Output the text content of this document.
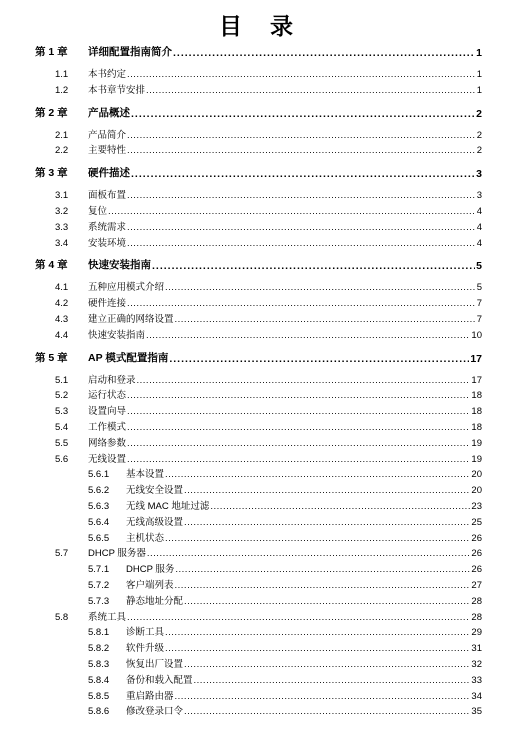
目 录
第 1 章 详细配置指南简介 .....	1
1.1 本书约定 .....	1
1.2 本书章节安排 .....	1
第 2 章 产品概述 .....	2
2.1 产品简介 .....	2
2.2 主要特性 .....	2
第 3 章 硬件描述 .....	3
3.1 面板布置 .....	3
3.2 复位 .....	4
3.3 系统需求 .....	4
3.4 安装环境 .....	4
第 4 章 快速安装指南 .....	5
4.1 五种应用模式介绍 .....	5
4.2 硬件连接 .....	7
4.3 建立正确的网络设置 .....	7
4.4 快速安装指南 .....	10
第 5 章 AP 模式配置指南 .....	17
5.1 启动和登录 .....	17
5.2 运行状态 .....	18
5.3 设置向导 .....	18
5.4 工作模式 .....	18
5.5 网络参数 .....	19
5.6 无线设置 .....	19
5.6.1 基本设置 .....	20
5.6.2 无线安全设置 .....	20
5.6.3 无线 MAC 地址过滤 .....	23
5.6.4 无线高级设置 .....	25
5.6.5 主机状态 .....	26
5.7 DHCP 服务器 .....	26
5.7.1 DHCP 服务 .....	26
5.7.2 客户端列表 .....	27
5.7.3 静态地址分配 .....	28
5.8 系统工具 .....	28
5.8.1 诊断工具 .....	29
5.8.2 软件升级 .....	31
5.8.3 恢复出厂设置 .....	32
5.8.4 备份和载入配置 .....	33
5.8.5 重启路由器 .....	34
5.8.6 修改登录口令 .....	35
